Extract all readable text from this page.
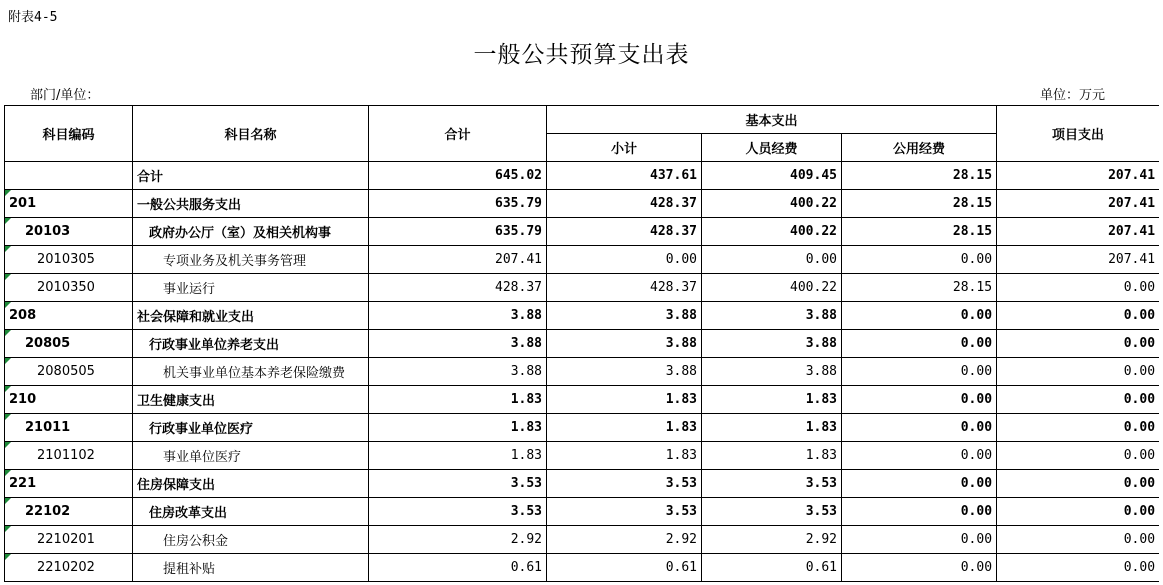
附表4-5
一般公共预算支出表
部门/单位：	单位：万元
科目编码	科目名称	合计	基本支出			项目支出
			小计	人员经费	公用经费	
	合计	645.02	437.61	409.45	28.15	207.41
201	一般公共服务支出	635.79	428.37	400.22	28.15	207.41
20103	政府办公厅（室）及相关机构事	635.79	428.37	400.22	28.15	207.41
2010305	专项业务及机关事务管理	207.41	0.00	0.00	0.00	207.41
2010350	事业运行	428.37	428.37	400.22	28.15	0.00
208	社会保障和就业支出	3.88	3.88	3.88	0.00	0.00
20805	行政事业单位养老支出	3.88	3.88	3.88	0.00	0.00
2080505	机关事业单位基本养老保险缴费	3.88	3.88	3.88	0.00	0.00
210	卫生健康支出	1.83	1.83	1.83	0.00	0.00
21011	行政事业单位医疗	1.83	1.83	1.83	0.00	0.00
2101102	事业单位医疗	1.83	1.83	1.83	0.00	0.00
221	住房保障支出	3.53	3.53	3.53	0.00	0.00
22102	住房改革支出	3.53	3.53	3.53	0.00	0.00
2210201	住房公积金	2.92	2.92	2.92	0.00	0.00
2210202	提租补贴	0.61	0.61	0.61	0.00	0.00
